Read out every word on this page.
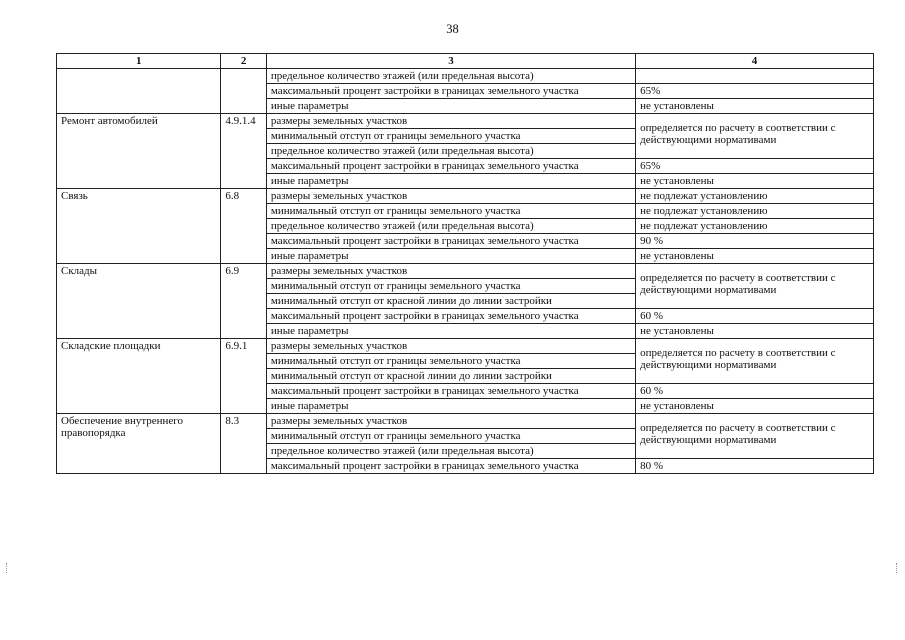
38
1	2	3	4
		предельное количество этажей (или предельная высота)	
		максимальный процент застройки в границах земельного участка	65%
		иные параметры	не установлены
Ремонт автомобилей	4.9.1.4	размеры земельных участков	определяется по расчету в соответствии с действующими нормативами
		минимальный отступ от границы земельного участка	
		предельное количество этажей (или предельная высота)	
		максимальный процент застройки в границах земельного участка	65%
		иные параметры	не установлены
Связь	6.8	размеры земельных участков	не подлежат установлению
		минимальный отступ от границы земельного участка	не подлежат установлению
		предельное количество этажей (или предельная высота)	не подлежат установлению
		максимальный процент застройки в границах земельного участка	90 %
		иные параметры	не установлены
Склады	6.9	размеры земельных участков	определяется по расчету в соответствии с действующими нормативами
		минимальный отступ от границы земельного участка	
		минимальный отступ от красной линии до линии застройки	
		максимальный процент застройки в границах земельного участка	60 %
		иные параметры	не установлены
Складские площадки	6.9.1	размеры земельных участков	определяется по расчету в соответствии с действующими нормативами
		минимальный отступ от границы земельного участка	
		минимальный отступ от красной линии до линии застройки	
		максимальный процент застройки в границах земельного участка	60 %
		иные параметры	не установлены
Обеспечение внутреннего правопорядка	8.3	размеры земельных участков	определяется по расчету в соответствии с действующими нормативами
		минимальный отступ от границы земельного участка	
		предельное количество этажей (или предельная высота)	
		максимальный процент застройки в границах земельного участка	80 %
